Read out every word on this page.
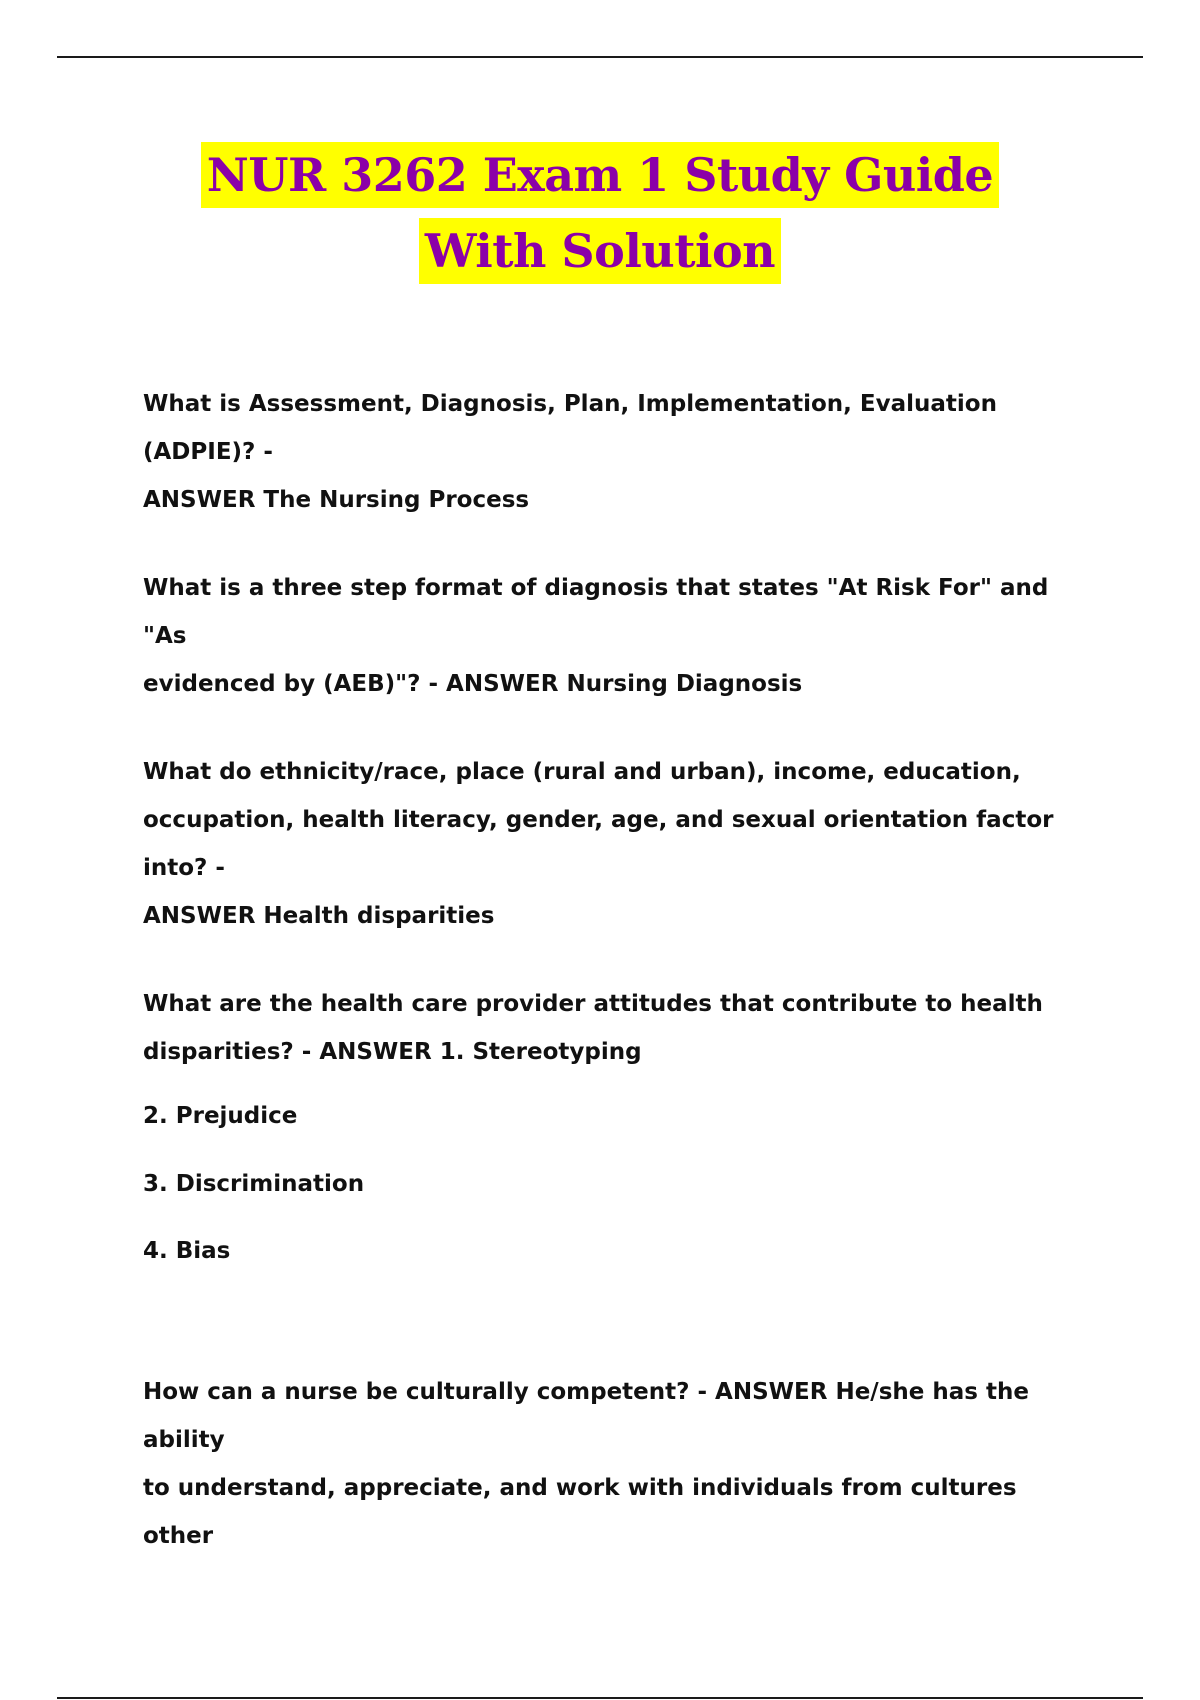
NUR 3262 Exam 1 Study Guide
With Solution
What is Assessment, Diagnosis, Plan, Implementation, Evaluation (ADPIE)? -
ANSWER The Nursing Process
What is a three step format of diagnosis that states "At Risk For" and "As
evidenced by (AEB)"? - ANSWER Nursing Diagnosis
What do ethnicity/race, place (rural and urban), income, education,
occupation, health literacy, gender, age, and sexual orientation factor into? -
ANSWER Health disparities
What are the health care provider attitudes that contribute to health
disparities? - ANSWER 1. Stereotyping
2. Prejudice
3. Discrimination
4. Bias
How can a nurse be culturally competent? - ANSWER He/she has the ability
to understand, appreciate, and work with individuals from cultures other
